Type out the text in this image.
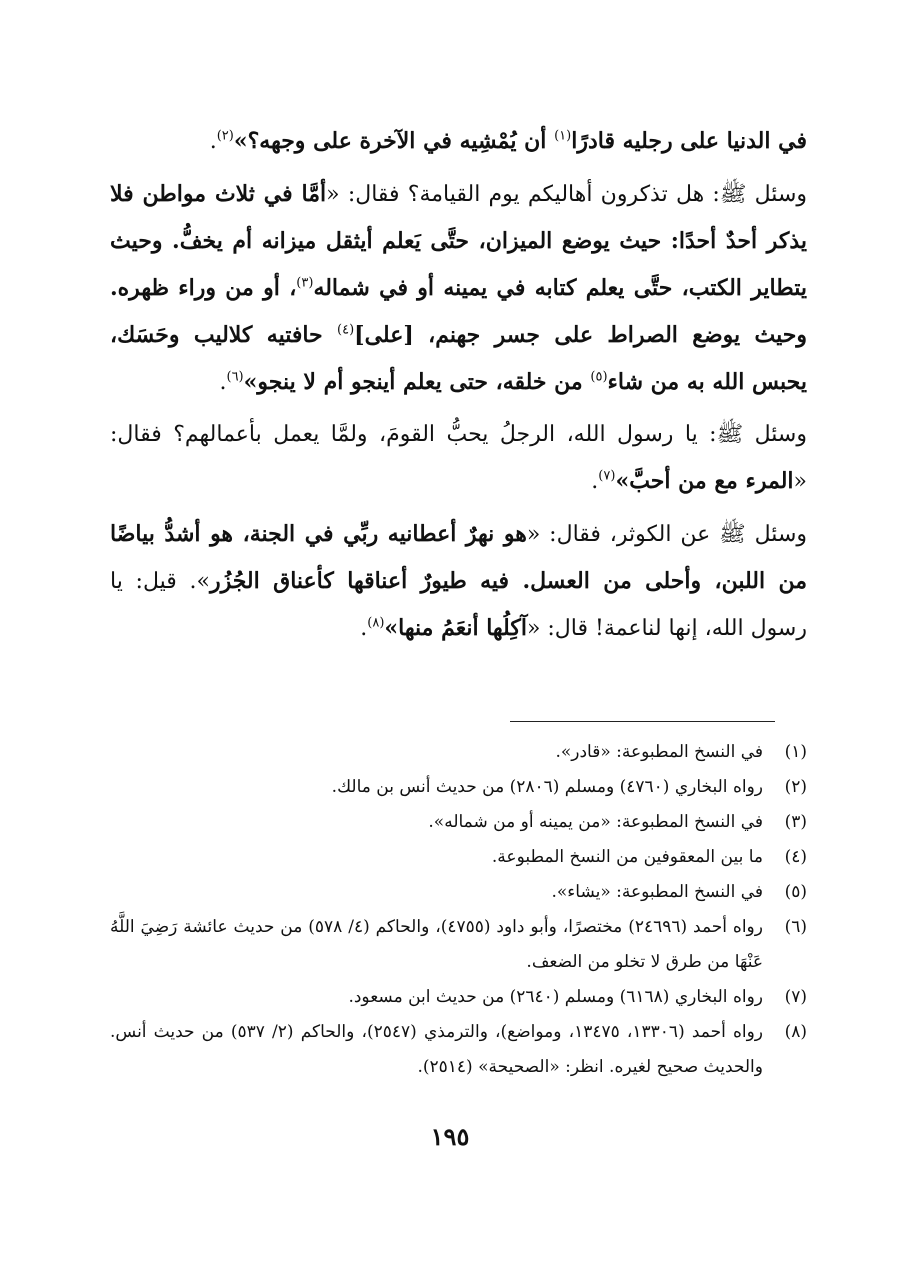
في الدنيا على رجليه قادرًا$^{(١)}$ أن يُمْشِيه في الآخرة على وجهه؟»$^{(٢)}$.

وسئل ﷺ: هل تذكرون أهاليكم يوم القيامة؟ فقال: «أمَّا في ثلاث مواطن فلا يذكر أحدٌ أحدًا: حيث يوضع الميزان، حتَّى يَعلم أيثقل ميزانه أم يخفُّ. وحيث يتطاير الكتب، حتَّى يعلم كتابه في يمينه أو في شماله$^{(٣)}$، أو من وراء ظهره. وحيث يوضع الصراط على جسر جهنم، [على]$^{(٤)}$ حافتيه كلاليب وحَسَك، يحبس الله به من شاء$^{(٥)}$ من خلقه، حتى يعلم أينجو أم لا ينجو»$^{(٦)}$.

وسئل ﷺ: يا رسول الله، الرجلُ يحبُّ القومَ، ولمَّا يعمل بأعمالهم؟ فقال: «المرء مع من أحبَّ»$^{(٧)}$.

وسئل ﷺ عن الكوثر، فقال: «هو نهرٌ أعطانيه ربِّي في الجنة، هو أشدُّ بياضًا من اللبن، وأحلى من العسل. فيه طيورٌ أعناقها كأعناق الجُزُر». قيل: يا رسول الله، إنها لناعمة! قال: «آكِلُها أنعَمُ منها»$^{(٨)}$.

(١)
في النسخ المطبوعة: «قادر».
(٢)
رواه البخاري (٤٧٦٠) ومسلم (٢٨٠٦) من حديث أنس بن مالك.
(٣)
في النسخ المطبوعة: «من يمينه أو من شماله».
(٤)
ما بين المعقوفين من النسخ المطبوعة.
(٥)
في النسخ المطبوعة: «يشاء».
(٦)
رواه أحمد (٢٤٦٩٦) مختصرًا، وأبو داود (٤٧٥٥)، والحاكم (٤/ ٥٧٨) من حديث عائشة رَضِيَ اللَّهُ عَنْهَا من طرق لا تخلو من الضعف.
(٧)
رواه البخاري (٦١٦٨) ومسلم (٢٦٤٠) من حديث ابن مسعود.
(٨)
رواه أحمد (١٣٣٠٦، ١٣٤٧٥، ومواضع)، والترمذي (٢٥٤٧)، والحاكم (٢/ ٥٣٧) من حديث أنس. والحديث صحيح لغيره. انظر: «الصحيحة» (٢٥١٤).
١٩٥
